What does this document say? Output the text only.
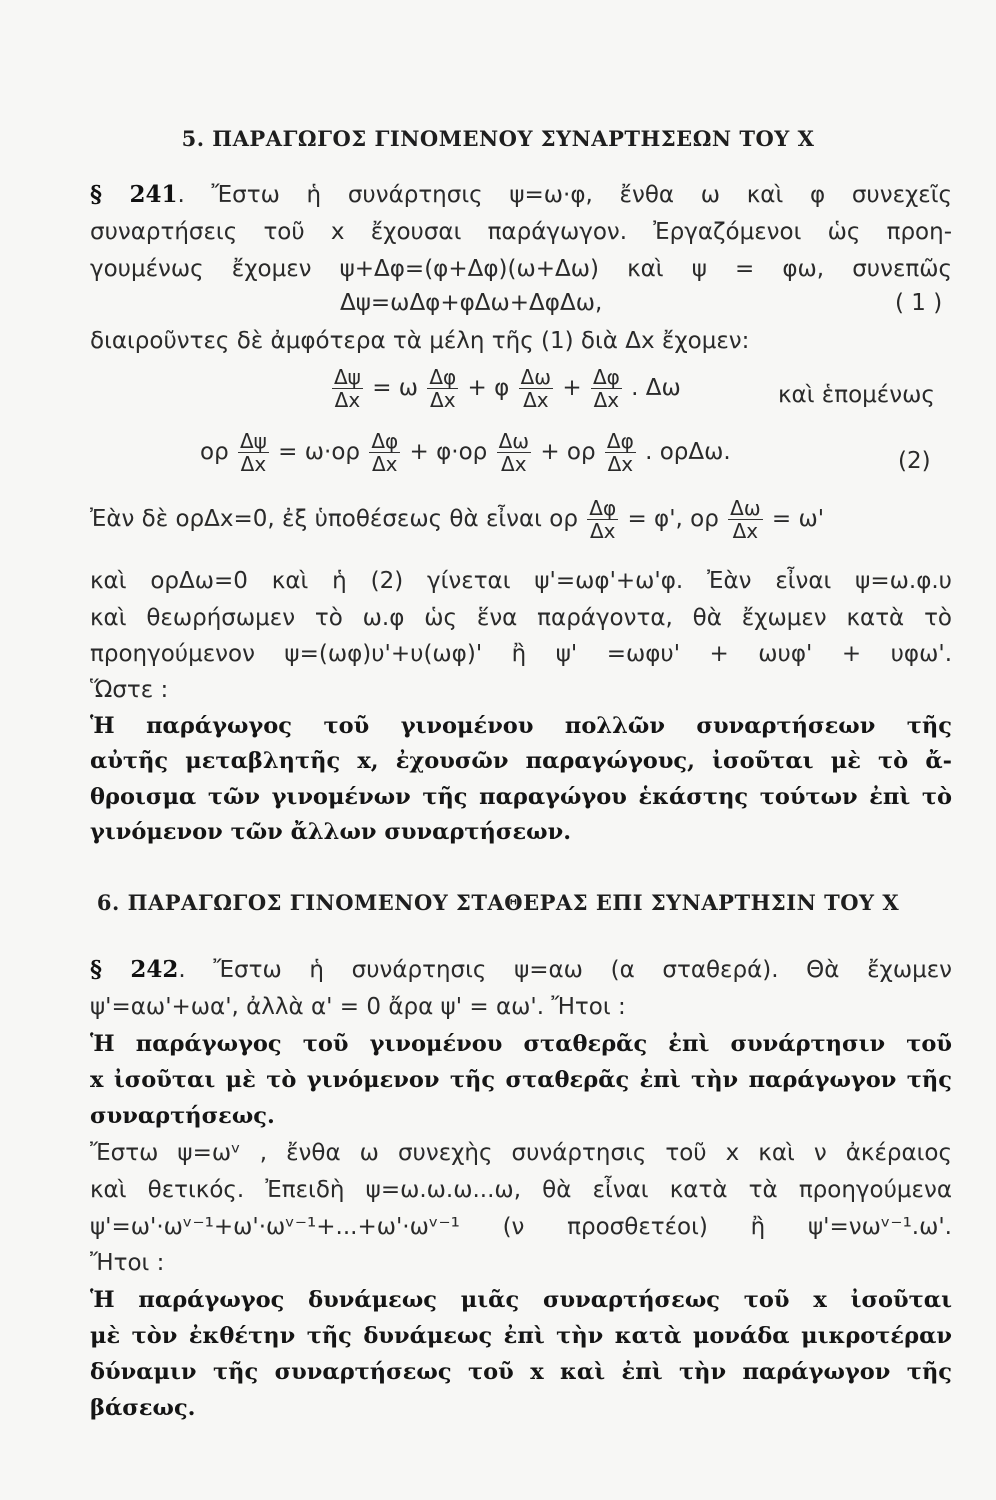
5. ΠΑΡΑΓΩΓΟΣ ΓΙΝΟΜΕΝΟΥ ΣΥΝΑΡΤΗΣΕΩΝ ΤΟΥ Χ
§ 241. Ἔστω ἡ συνάρτησις ψ=ω·φ, ἔνθα ω καὶ φ συνεχεῖς
συναρτήσεις τοῦ x ἔχουσαι παράγωγον. Ἐργαζόμενοι ὡς προη-
γουμένως ἔχομεν ψ+Δφ=(φ+Δφ)(ω+Δω) καὶ ψ = φω, συνεπῶς
Δψ=ωΔφ+φΔω+ΔφΔω,	( 1 )
διαιροῦντες δὲ ἀμφότερα τὰ μέλη τῆς (1) διὰ Δx ἔχομεν:
$\frac{\Delta\psi}{\Delta x} = \omega \frac{\Delta\varphi}{\Delta x} + \varphi \frac{\Delta\omega}{\Delta x} + \frac{\Delta\varphi}{\Delta x}$ . Δω	καὶ ἑπομένως
ορ $\frac{\Delta\psi}{\Delta x} = \omega\cdot o\rho \frac{\Delta\varphi}{\Delta x} + \varphi\cdot o\rho \frac{\Delta\omega}{\Delta x} + o\rho \frac{\Delta\varphi}{\Delta x}$ . ορΔω.	(2)
Ἐὰν δὲ ορΔx=0, ἐξ ὑποθέσεως θὰ εἶναι ορ $\frac{\Delta\varphi}{\Delta x} = \varphi'$, ορ $\frac{\Delta\omega}{\Delta x} = \omega'$
καὶ ορΔω=0 καὶ ἡ (2) γίνεται ψ'=ωφ'+ω'φ. Ἐὰν εἶναι ψ=ω.φ.υ
καὶ θεωρήσωμεν τὸ ω.φ ὡς ἕνα παράγοντα, θὰ ἔχωμεν κατὰ τὸ
προηγούμενον ψ=(ωφ)υ'+υ(ωφ)' ἢ ψ' =ωφυ' + ωυφ' + υφω'.
Ὥστε :
Ἡ παράγωγος τοῦ γινομένου πολλῶν συναρτήσεων τῆς
αὐτῆς μεταβλητῆς x, ἐχουσῶν παραγώγους, ἰσοῦται μὲ τὸ ἄ-
θροισμα τῶν γινομένων τῆς παραγώγου ἑκάστης τούτων ἐπὶ τὸ
γινόμενον τῶν ἄλλων συναρτήσεων.
6. ΠΑΡΑΓΩΓΟΣ ΓΙΝΟΜΕΝΟΥ ΣΤΑΘΕΡΑΣ ΕΠΙ ΣΥΝΑΡΤΗΣΙΝ ΤΟΥ Χ
§ 242. Ἔστω ἡ συνάρτησις ψ=αω (α σταθερά). Θὰ ἔχωμεν
ψ'=αω'+ωα', ἀλλὰ α' = 0 ἄρα ψ' = αω'. Ἤτοι :
Ἡ παράγωγος τοῦ γινομένου σταθερᾶς ἐπὶ συνάρτησιν τοῦ
x ἰσοῦται μὲ τὸ γινόμενον τῆς σταθερᾶς ἐπὶ τὴν παράγωγον τῆς
συναρτήσεως.
Ἔστω ψ=ωᵛ , ἔνθα ω συνεχὴς συνάρτησις τοῦ x καὶ ν ἀκέραιος
καὶ θετικός. Ἐπειδὴ ψ=ω.ω.ω...ω, θὰ εἶναι κατὰ τὰ προηγούμενα
ψ'=ω'·ωᵛ⁻¹+ω'·ωᵛ⁻¹+...+ω'·ωᵛ⁻¹ (ν προσθετέοι) ἢ ψ'=νωᵛ⁻¹.ω'.
Ἤτοι :
Ἡ παράγωγος δυνάμεως μιᾶς συναρτήσεως τοῦ x ἰσοῦται
μὲ τὸν ἐκθέτην τῆς δυνάμεως ἐπὶ τὴν κατὰ μονάδα μικροτέραν
δύναμιν τῆς συναρτήσεως τοῦ x καὶ ἐπὶ τὴν παράγωγον τῆς
βάσεως.
